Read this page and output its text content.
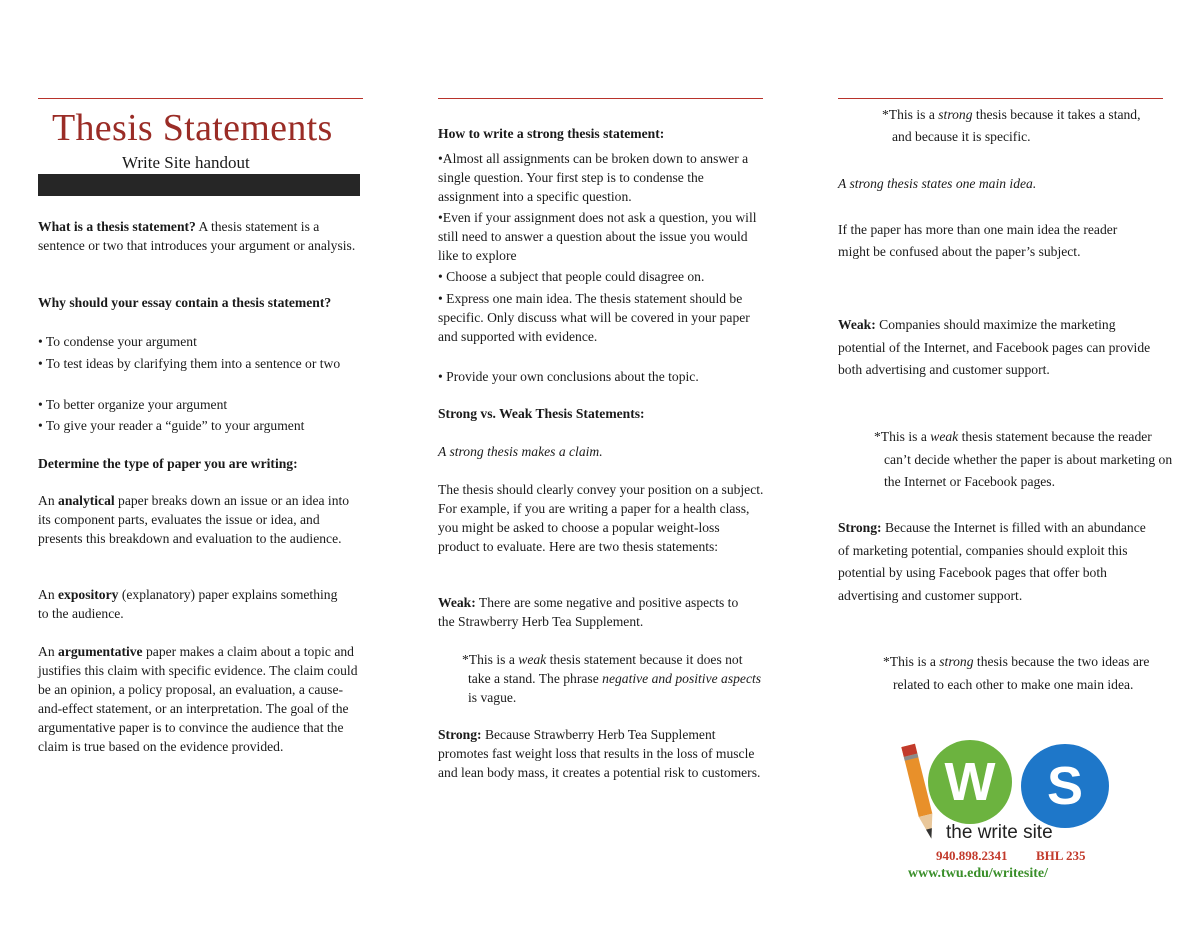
Thesis Statements
Write Site handout

What is a thesis statement? A thesis statement is a sentence or two that introduces your argument or analysis.

Why should your essay contain a thesis statement?

• To condense your argument

• To test ideas by clarifying them into a sentence or two

• To better organize your argument

• To give your reader a “guide” to your argument

Determine the type of paper you are writing:

An analytical paper breaks down an issue or an idea into its component parts, evaluates the issue or idea, and presents this breakdown and evaluation to the audience.

An expository (explanatory) paper explains something to the audience.

An argumentative paper makes a claim about a topic and justifies this claim with specific evidence. The claim could be an opinion, a policy proposal, an evaluation, a cause-and-effect statement, or an interpretation. The goal of the argumentative paper is to convince the audience that the claim is true based on the evidence provided.

How to write a strong thesis statement:

•Almost all assignments can be broken down to answer a single question. Your first step is to condense the assignment into a specific question.

•Even if your assignment does not ask a question, you will still need to answer a question about the issue you would like to explore

• Choose a subject that people could disagree on.

• Express one main idea. The thesis statement should be specific. Only discuss what will be covered in your paper and supported with evidence.

• Provide your own conclusions about the topic.

Strong vs. Weak Thesis Statements:

A strong thesis makes a claim.

The thesis should clearly convey your position on a subject. For example, if you are writing a paper for a health class, you might be asked to choose a popular weight-loss product to evaluate. Here are two thesis statements:

Weak: There are some negative and positive aspects to the Strawberry Herb Tea Supplement.

*This is a weak thesis statement because it does not take a stand. The phrase negative and positive aspects is vague.

Strong: Because Strawberry Herb Tea Supplement promotes fast weight loss that results in the loss of muscle and lean body mass, it creates a potential risk to customers.

*This is a strong thesis because it takes a stand, and because it is specific.

A strong thesis states one main idea.

If the paper has more than one main idea the reader might be confused about the paper’s subject.

Weak: Companies should maximize the marketing potential of the Internet, and Facebook pages can provide both advertising and customer support.

*This is a weak thesis statement because the reader can’t decide whether the paper is about marketing on the Internet or Facebook pages.

Strong: Because the Internet is filled with an abundance of marketing potential, companies should exploit this potential by using Facebook pages that offer both advertising and customer support.

*This is a strong thesis because the two ideas are related to each other to make one main idea.

W S
the write site
940.898.2341 BHL 235
www.twu.edu/writesite/
